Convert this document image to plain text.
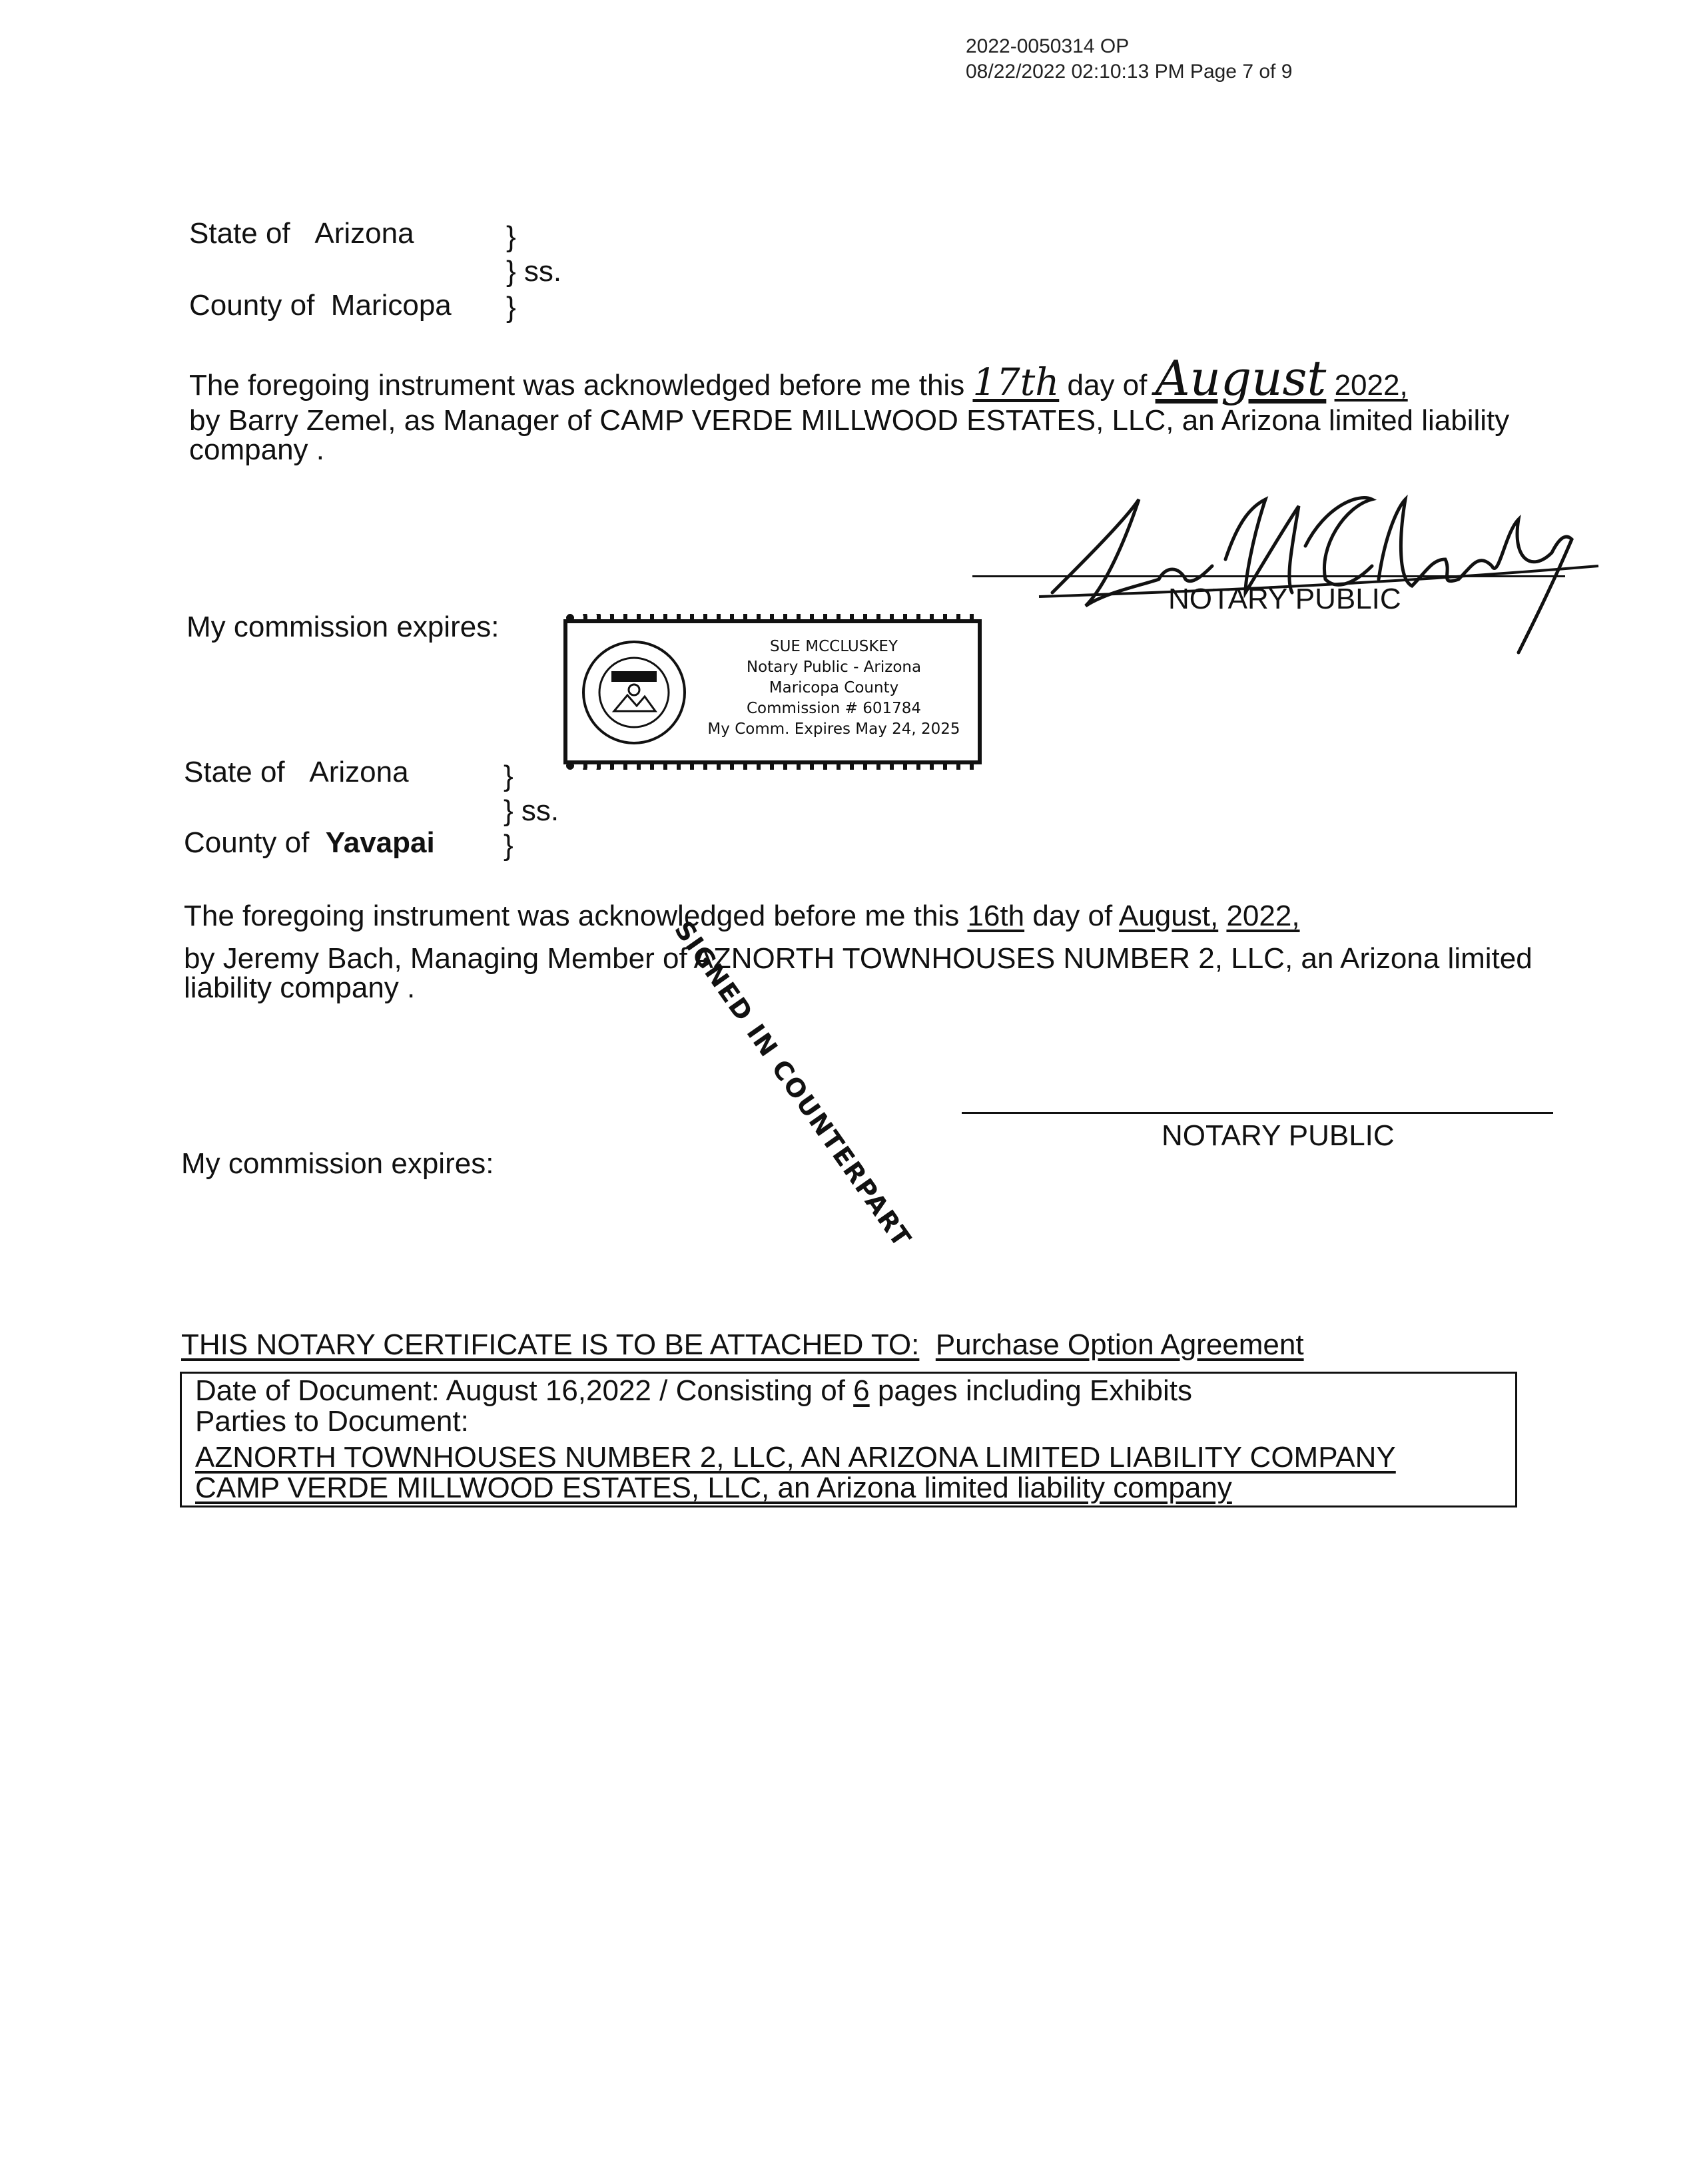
2022-0050314 OP
08/22/2022 02:10:13 PM Page 7 of 9
State of Arizona	}
} ss.
County of Maricopa }
The foregoing instrument was acknowledged before me this 17th day of August 2022,
by Barry Zemel, as Manager of CAMP VERDE MILLWOOD ESTATES, LLC, an Arizona limited liability
company .
NOTARY PUBLIC
My commission expires:
SUE MCCLUSKEY
Notary Public - Arizona
Maricopa County
Commission # 601784
My Comm. Expires May 24, 2025
State of Arizona	}
} ss.
County of Yavapai }
The foregoing instrument was acknowledged before me this 16th day of August, 2022,
by Jeremy Bach, Managing Member of AZNORTH TOWNHOUSES NUMBER 2, LLC, an Arizona limited
liability company .	SIGNED IN COUNTERPART	NOTARY PUBLIC
My commission expires:
THIS NOTARY CERTIFICATE IS TO BE ATTACHED TO: Purchase Option Agreement
Date of Document: August 16,2022 / Consisting of 6 pages including Exhibits
Parties to Document:
AZNORTH TOWNHOUSES NUMBER 2, LLC, AN ARIZONA LIMITED LIABILITY COMPANY
CAMP VERDE MILLWOOD ESTATES, LLC, an Arizona limited liability company
